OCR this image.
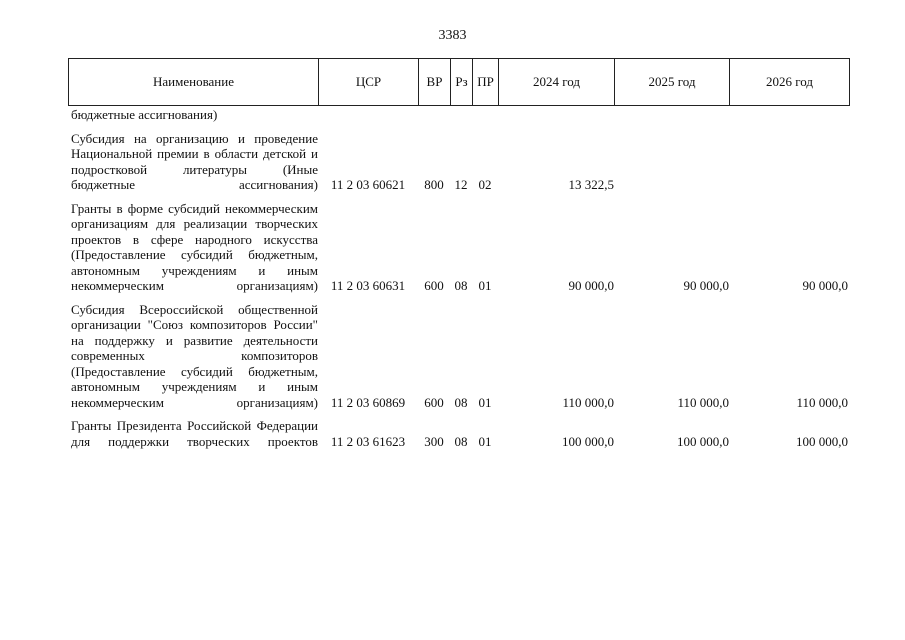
3383
Наименование	ЦСР	ВР Рз ПР	2024 год	2025 год	2026 год
бюджетные ассигнования)
Субсидия на организацию и проведение Национальной премии в области детской и подростковой литературы (Иные бюджетные ассигнования) 11 2 03 60621	800 12 02	13 322,5
Гранты в форме субсидий некоммерческим организациям для реализации творческих проектов в сфере народного искусства (Предоставление субсидий бюджетным, автономным учреждениям и иным некоммерческим организациям) 11 2 03 60631	600 08 01	90 000,0	90 000,0	90 000,0
Субсидия Всероссийской общественной организации "Союз композиторов России" на поддержку и развитие деятельности современных композиторов (Предоставление субсидий бюджетным, автономным учреждениям и иным некоммерческим организациям) 11 2 03 60869	600 08 01	110 000,0	110 000,0	110 000,0
Гранты Президента Российской Федерации для поддержки творческих проектов 11 2 03 61623	300 08 01	100 000,0	100 000,0	100 000,0
